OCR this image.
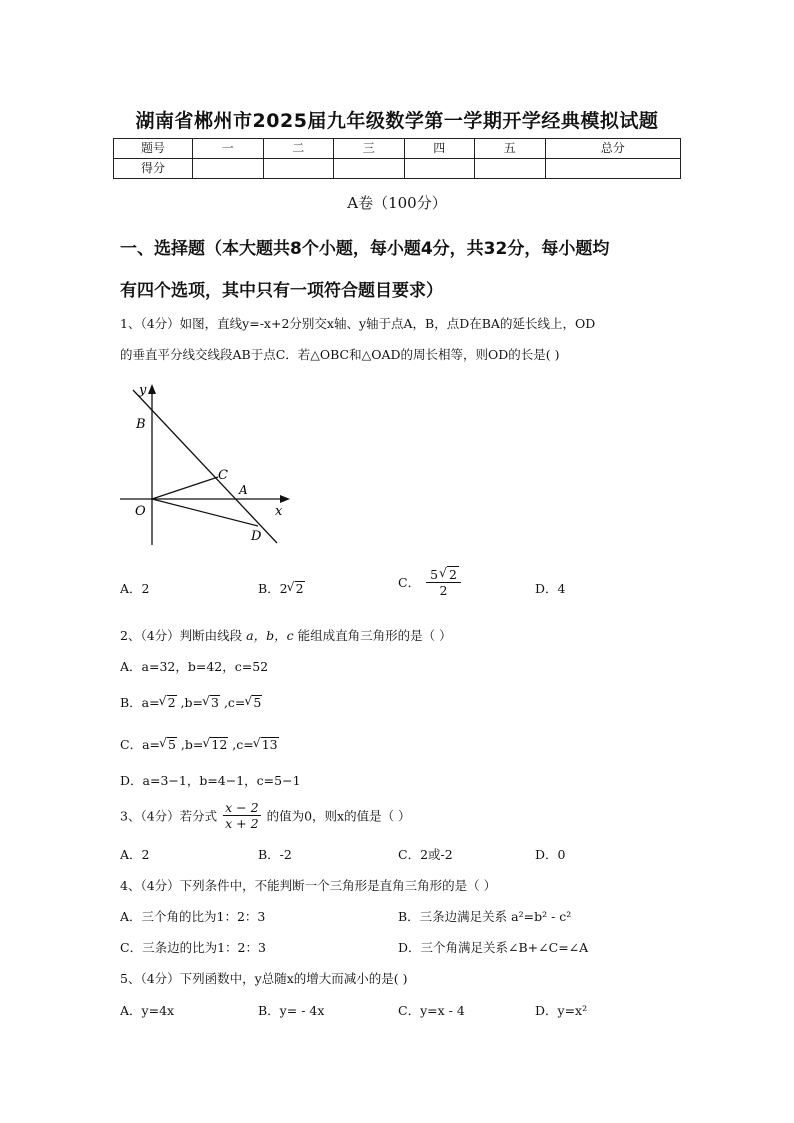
湖南省郴州市2025届九年级数学第一学期开学经典模拟试题
题号	一	二	三	四	五	总分
得分						
A卷（100分）
一、选择题（本大题共8个小题，每小题4分，共32分，每小题均
有四个选项，其中只有一项符合题目要求）
1、（4分）如图，直线y=-x+2分别交x轴、y轴于点A，B，点D在BA的延长线上，OD
的垂直平分线交线段AB于点C．若△OBC和△OAD的周长相等，则OD的长是( )
y
B
C
A
O	x
D
A．2	B．2 √ 2	C． $\frac{5 √ 2}{2}$	D．4
2、（4分）判断由线段 a，b，c 能组成直角三角形的是（ ）
A．a=32，b=42，c=52
B．a= √ 2 ,b= √ 3 ,c= √ 5
C．a= √ 5 ,b= √ 12 ,c= √ 13
D．a=3−1，b=4−1，c=5−1
3、（4分）若分式 $\frac{x - 2}{x + 2}$ 的值为0，则x的值是（ ）
A．2	B．-2	C．2或-2	D．0
4、（4分）下列条件中，不能判断一个三角形是直角三角形的是（ ）
A．三个角的比为1：2：3	B．三条边满足关系 a²=b² - c²
C．三条边的比为1：2：3	D．三个角满足关系∠B+∠C=∠A
5、（4分）下列函数中，y总随x的增大而减小的是( )
A．y=4x	B．y= - 4x	C．y=x - 4	D．y=x²
